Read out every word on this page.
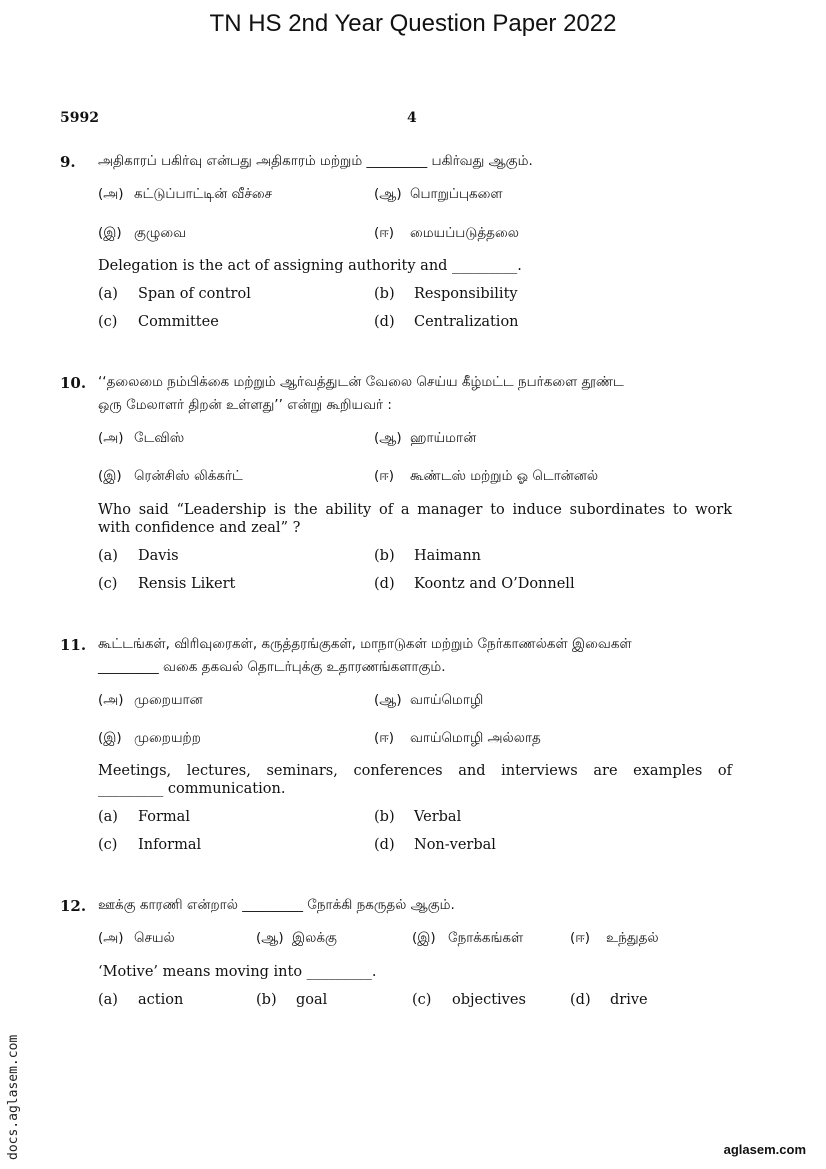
TN HS 2nd Year Question Paper 2022
5992	4
9. அதிகாரப் பகிர்வு என்பது அதிகாரம் மற்றும் _________ பகிர்வது ஆகும்.
(அ) கட்டுப்பாட்டின் வீச்சை	(ஆ) பொறுப்புகளை
(இ) குழுவை	(ஈ) மையப்படுத்தலை
Delegation is the act of assigning authority and _________.
(a) Span of control	(b) Responsibility
(c) Committee	(d) Centralization
10. ‘‘தலைமை நம்பிக்கை மற்றும் ஆர்வத்துடன் வேலை செய்ய கீழ்மட்ட நபர்களை தூண்ட
ஒரு மேலாளர் திறன் உள்ளது’’ என்று கூறியவர் :
(அ) டேவிஸ்	(ஆ) ஹாய்மான்
(இ) ரென்சிஸ் லிக்கர்ட்	(ஈ) கூண்டஸ் மற்றும் ஓ டொன்னல்
Who said “Leadership is the ability of a manager to induce subordinates to work
with confidence and zeal” ?
(a) Davis	(b) Haimann
(c) Rensis Likert	(d) Koontz and O’Donnell
11. கூட்டங்கள், விரிவுரைகள், கருத்தரங்குகள், மாநாடுகள் மற்றும் நேர்காணல்கள் இவைகள்
_________ வகை தகவல் தொடர்புக்கு உதாரணங்களாகும்.
(அ) முறையான	(ஆ) வாய்மொழி
(இ) முறையற்ற	(ஈ) வாய்மொழி அல்லாத
Meetings, lectures, seminars, conferences and interviews are examples of
_________ communication.
(a) Formal	(b) Verbal
(c) Informal	(d) Non-verbal
12. ஊக்கு காரணி என்றால் _________ நோக்கி நகருதல் ஆகும்.
(அ) செயல்	(ஆ) இலக்கு	(இ) நோக்கங்கள்	(ஈ) உந்துதல்
‘Motive’ means moving into _________.
(a) action	(b) goal	(c) objectives	(d) drive
docs.aglasem.com	aglasem.com
